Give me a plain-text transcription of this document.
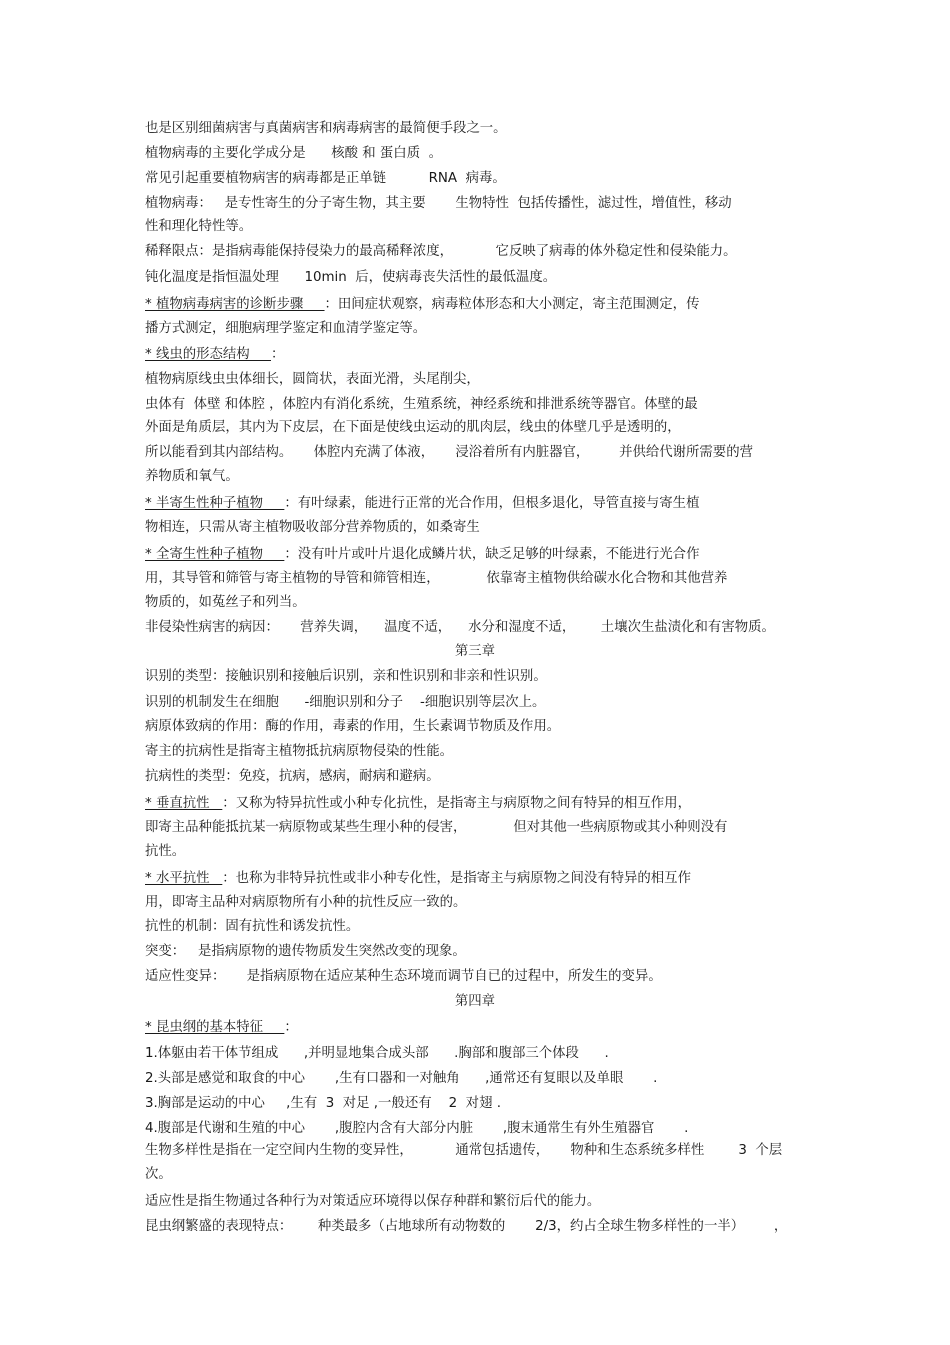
也是区别细菌病害与真菌病害和病毒病害的最简便手段之一。

植物病毒的主要化学成分是      核酸 和 蛋白质  。

常见引起重要植物病害的病毒都是正单链          RNA  病毒。

植物病毒：   是专性寄生的分子寄生物，其主要       生物特性  包括传播性，滤过性，增值性，移动

性和理化特性等。

稀释限点：是指病毒能保持侵染力的最高稀释浓度，          它反映了病毒的体外稳定性和侵染能力。

钝化温度是指恒温处理      10min  后，使病毒丧失活性的最低温度。

* 植物病毒病害的诊断步骤     ：田间症状观察，病毒粒体形态和大小测定，寄主范围测定，传

播方式测定，细胞病理学鉴定和血清学鉴定等。

* 线虫的形态结构     ：

植物病原线虫虫体细长，圆筒状，表面光滑，头尾削尖，

虫体有  体壁 和体腔 ，体腔内有消化系统，生殖系统，神经系统和排泄系统等器官。体壁的最

外面是角质层，其内为下皮层，在下面是使线虫运动的肌肉层，线虫的体壁几乎是透明的，

所以能看到其内部结构。     体腔内充满了体液，     浸浴着所有内脏器官，       并供给代谢所需要的营

养物质和氧气。

* 半寄生性种子植物     ：有叶绿素，能进行正常的光合作用，但根多退化，导管直接与寄生植

物相连，只需从寄主植物吸收部分营养物质的，如桑寄生

* 全寄生性种子植物     ：没有叶片或叶片退化成鳞片状，缺乏足够的叶绿素，不能进行光合作

用，其导管和筛管与寄主植物的导管和筛管相连，           依靠寄主植物供给碳水化合物和其他营养

物质的，如菟丝子和列当。

非侵染性病害的病因：     营养失调，    温度不适，    水分和湿度不适，      土壤次生盐渍化和有害物质。

第三章

识别的类型：接触识别和接触后识别，亲和性识别和非亲和性识别。

识别的机制发生在细胞      -细胞识别和分子    -细胞识别等层次上。

病原体致病的作用：酶的作用，毒素的作用，生长素调节物质及作用。

寄主的抗病性是指寄主植物抵抗病原物侵染的性能。

抗病性的类型：免疫，抗病，感病，耐病和避病。

* 垂直抗性   ：又称为特异抗性或小种专化抗性，是指寄主与病原物之间有特异的相互作用，

即寄主品种能抵抗某一病原物或某些生理小种的侵害，           但对其他一些病原物或其小种则没有

抗性。

* 水平抗性   ：也称为非特异抗性或非小种专化性，是指寄主与病原物之间没有特异的相互作

用，即寄主品种对病原物所有小种的抗性反应一致的。

抗性的机制：固有抗性和诱发抗性。

突变：   是指病原物的遗传物质发生突然改变的现象。

适应性变异：     是指病原物在适应某种生态环境而调节自已的过程中，所发生的变异。

第四章

* 昆虫纲的基本特征     ：

1.体躯由若干体节组成      ,并明显地集合成头部      .胸部和腹部三个体段      .

2.头部是感觉和取食的中心       ,生有口器和一对触角      ,通常还有复眼以及单眼       .

3.胸部是运动的中心     ,生有  3  对足 ,一般还有    2  对翅 .

4.腹部是代谢和生殖的中心       ,腹腔内含有大部分内脏       ,腹末通常生有外生殖器官       .

生物多样性是指在一定空间内生物的变异性，          通常包括遗传，     物种和生态系统多样性        3  个层

次。

适应性是指生物通过各种行为对策适应环境得以保存种群和繁衍后代的能力。

昆虫纲繁盛的表现特点：      种类最多（占地球所有动物数的       2/3，约占全球生物多样性的一半）       ，
